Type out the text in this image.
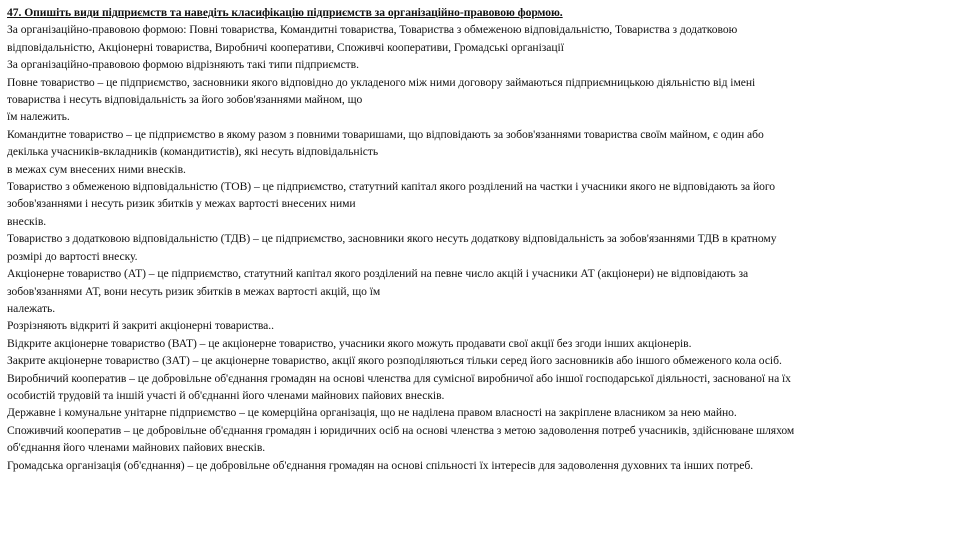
47. Опишіть види підприємств та наведіть класифікацію підприємств за організаційно-правовою формою.
За організаційно-правовою формою: Повні товариства, Командитні товариства, Товариства з обмеженою відповідальністю, Товариства з додатковою
відповідальністю, Акціонерні товариства, Виробничі кооперативи, Споживчі кооперативи, Громадські організації
За організаційно-правовою формою відрізняють такі типи підприємств.
Повне товариство – це підприємство, засновники якого відповідно до укладеного між ними договору займаються підприємницькою діяльністю від імені
товариства і несуть відповідальність за його зобов'язаннями майном, що
їм належить.
Командитне товариство – це підприємство в якому разом з повними товаришами, що відповідають за зобов'язаннями товариства своїм майном, є один або
декілька учасників-вкладників (командитистів), які несуть відповідальність
в межах сум внесених ними внесків.
Товариство з обмеженою відповідальністю (ТОВ) – це підприємство, статутний капітал якого розділений на частки і учасники якого не відповідають за його
зобов'язаннями і несуть ризик збитків у межах вартості внесених ними
внесків.
Товариство з додатковою відповідальністю (ТДВ) – це підприємство, засновники якого несуть додаткову відповідальність за зобов'язаннями ТДВ в кратному
розмірі до вартості внеску.
Акціонерне товариство (АТ) – це підприємство, статутний капітал якого розділений на певне число акцій і учасники АТ (акціонери) не відповідають за
зобов'язаннями АТ, вони несуть ризик збитків в межах вартості акцій, що їм
належать.
Розрізняють відкриті й закриті акціонерні товариства..
Відкрите акціонерне товариство (ВАТ) – це акціонерне товариство, учасники якого можуть продавати свої акції без згоди інших акціонерів.
Закрите акціонерне товариство (ЗАТ) – це акціонерне товариство, акції якого розподіляються тільки серед його засновників або іншого обмеженого кола осіб.
Виробничий кооператив – це добровільне об'єднання громадян на основі членства для сумісної виробничої або іншої господарської діяльності, заснованої на їх
особистій трудовій та іншій участі й об'єднанні його членами майнових пайових внесків.
Державне і комунальне унітарне підприємство – це комерційна організація, що не наділена правом власності на закріплене власником за нею майно.
Споживчий кооператив – це добровільне об'єднання громадян і юридичних осіб на основі членства з метою задоволення потреб учасників, здійснюване шляхом
об'єднання його членами майнових пайових внесків.
Громадська організація (об'єднання) – це добровільне об'єднання громадян на основі спільності їх інтересів для задоволення духовних та інших потреб.
